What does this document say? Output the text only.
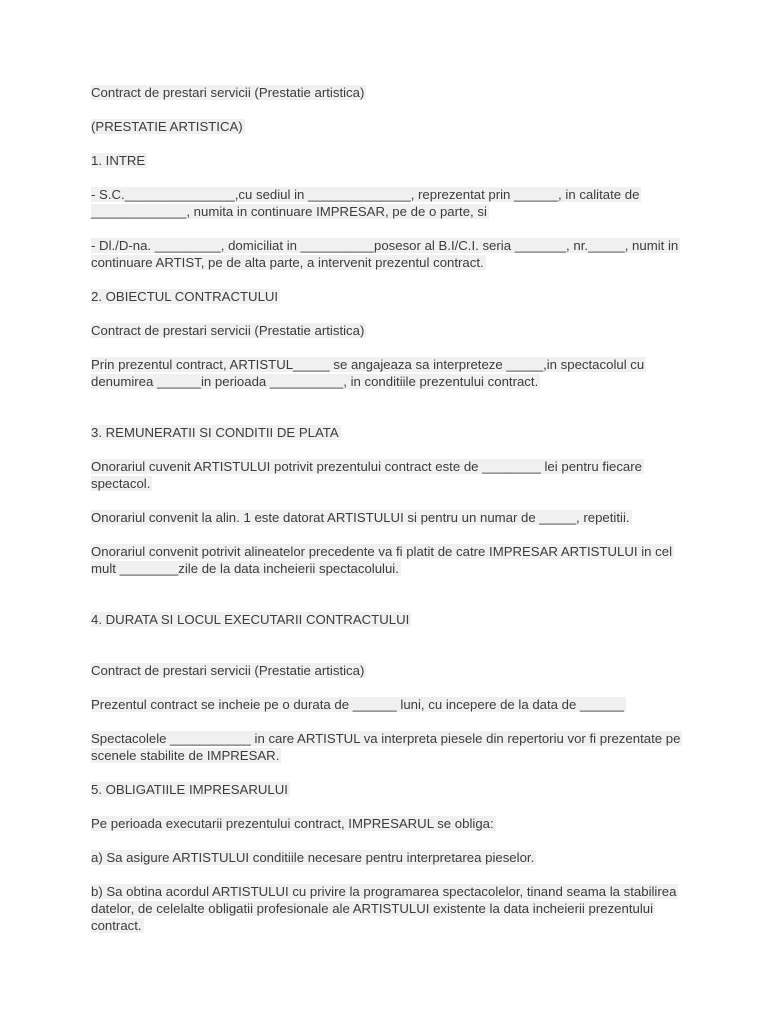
Contract de prestari servicii (Prestatie artistica)

(PRESTATIE ARTISTICA)

1. INTRE

- S.C._______________,cu sediul in ______________, reprezentat prin ______, in calitate de _____________, numita in continuare IMPRESAR, pe de o parte, si

- Dl./D-na. _________, domiciliat in __________posesor al B.I/C.I. seria _______, nr._____, numit in continuare ARTIST, pe de alta parte, a intervenit prezentul contract.

2. OBIECTUL CONTRACTULUI

Contract de prestari servicii (Prestatie artistica)

Prin prezentul contract, ARTISTUL_____ se angajeaza sa interpreteze _____,in spectacolul cu denumirea ______in perioada __________, in conditiile prezentului contract.

3. REMUNERATII SI CONDITII DE PLATA

Onorariul cuvenit ARTISTULUI potrivit prezentului contract este de ________ lei pentru fiecare spectacol.

Onorariul convenit la alin. 1 este datorat ARTISTULUI si pentru un numar de _____, repetitii.

Onorariul convenit potrivit alineatelor precedente va fi platit de catre IMPRESAR ARTISTULUI in cel mult ________zile de la data incheierii spectacolului.

4. DURATA SI LOCUL EXECUTARII CONTRACTULUI

Contract de prestari servicii (Prestatie artistica)

Prezentul contract se incheie pe o durata de ______ luni, cu incepere de la data de ______

Spectacolele ___________ in care ARTISTUL va interpreta piesele din repertoriu vor fi prezentate pe scenele stabilite de IMPRESAR.

5. OBLIGATIILE IMPRESARULUI

Pe perioada executarii prezentului contract, IMPRESARUL se obliga:

a) Sa asigure ARTISTULUI conditiile necesare pentru interpretarea pieselor.

b) Sa obtina acordul ARTISTULUI cu privire la programarea spectacolelor, tinand seama la stabilirea datelor, de celelalte obligatii profesionale ale ARTISTULUI existente la data incheierii prezentului contract.
